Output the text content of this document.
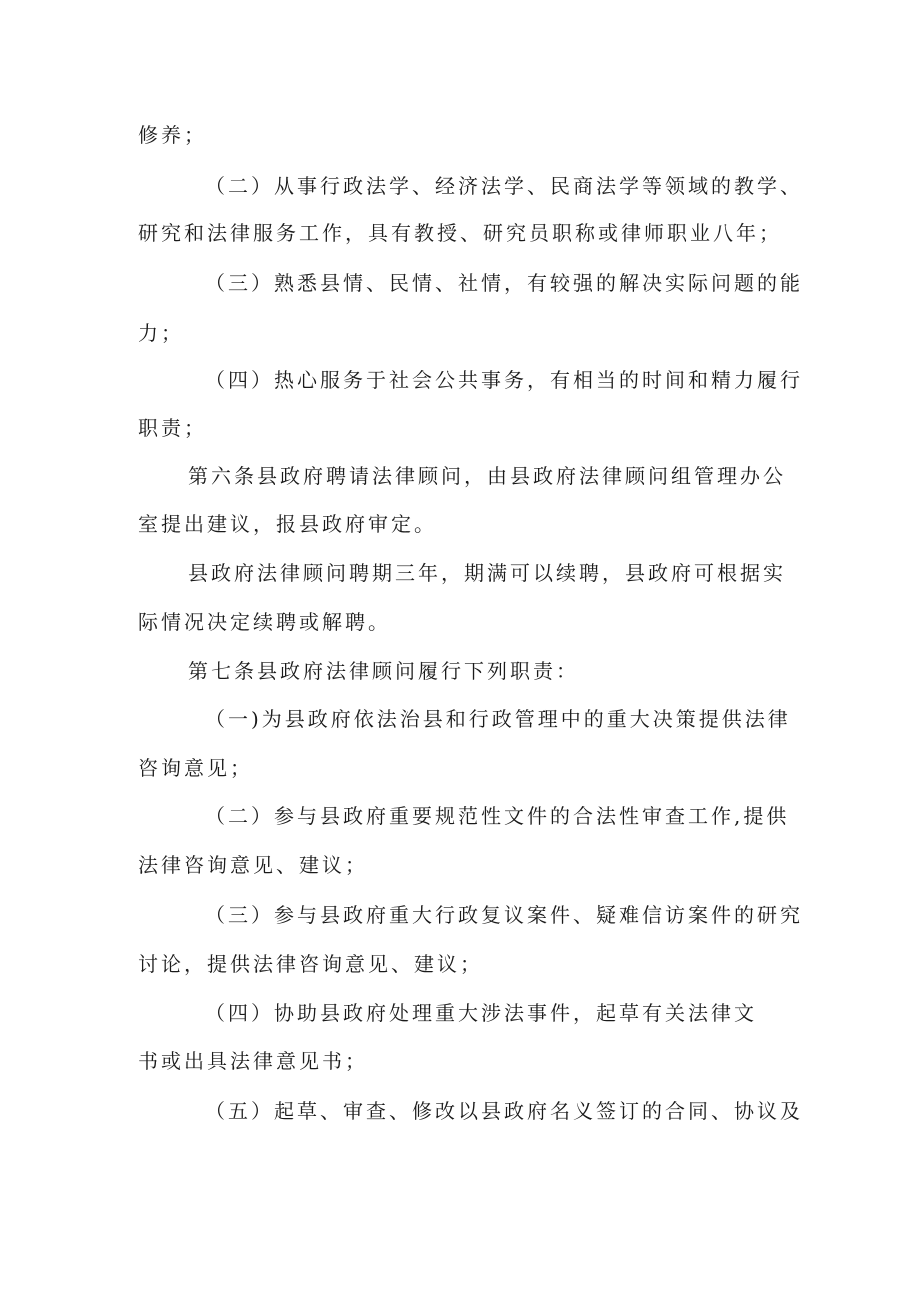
修养；
（二）从事行政法学、经济法学、民商法学等领域的教学、
研究和法律服务工作，具有教授、研究员职称或律师职业八年；
（三）熟悉县情、民情、社情，有较强的解决实际问题的能
力；
（四）热心服务于社会公共事务，有相当的时间和精力履行
职责；
第六条县政府聘请法律顾问，由县政府法律顾问组管理办公
室提出建议，报县政府审定。
县政府法律顾问聘期三年，期满可以续聘，县政府可根据实
际情况决定续聘或解聘。
第七条县政府法律顾问履行下列职责：
（一)为县政府依法治县和行政管理中的重大决策提供法律
咨询意见；
（二）参与县政府重要规范性文件的合法性审查工作,提供
法律咨询意见、建议；
（三）参与县政府重大行政复议案件、疑难信访案件的研究
讨论，提供法律咨询意见、建议；
（四）协助县政府处理重大涉法事件，起草有关法律文
书或出具法律意见书；
（五）起草、审查、修改以县政府名义签订的合同、协议及
